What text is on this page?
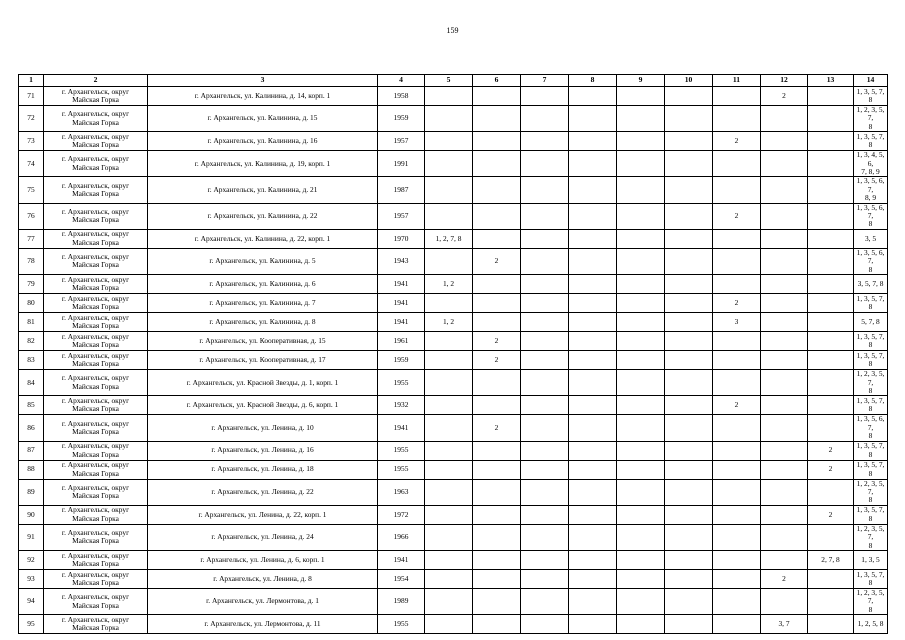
159
1	2	3	4	5	6	7	8	9	10	11	12	13	14
71	г. Архангельск, округ
Майская Горка	г. Архангельск, ул. Калинина, д. 14, корп. 1	1958								2		1, 3, 5, 7, 8

72	г. Архангельск, округ
Майская Горка	г. Архангельск, ул. Калинина, д. 15	1959										1, 2, 3, 5, 7,
8

73	г. Архангельск, округ
Майская Горка	г. Архангельск, ул. Калинина, д. 16	1957							2			1, 3, 5, 7, 8

74	г. Архангельск, округ
Майская Горка	г. Архангельск, ул. Калинина, д. 19, корп. 1	1991										1, 3, 4, 5, 6,
7, 8, 9

75	г. Архангельск, округ
Майская Горка	г. Архангельск, ул. Калинина, д. 21	1987										1, 3, 5, 6, 7,
8, 9

76	г. Архангельск, округ
Майская Горка	г. Архангельск, ул. Калинина, д. 22	1957							2			1, 3, 5, 6, 7,
8

77	г. Архангельск, округ
Майская Горка	г. Архангельск, ул. Калинина, д. 22, корп. 1	1970	1, 2, 7, 8									3, 5

78	г. Архангельск, округ
Майская Горка	г. Архангельск, ул. Калинина, д. 5	1943		2								1, 3, 5, 6, 7,
8

79	г. Архангельск, округ
Майская Горка	г. Архангельск, ул. Калинина, д. 6	1941	1, 2									3, 5, 7, 8

80	г. Архангельск, округ
Майская Горка	г. Архангельск, ул. Калинина, д. 7	1941							2			1, 3, 5, 7, 8

81	г. Архангельск, округ
Майская Горка	г. Архангельск, ул. Калинина, д. 8	1941	1, 2						3			5, 7, 8

82	г. Архангельск, округ
Майская Горка	г. Архангельск, ул. Кооперативная, д. 15	1961		2								1, 3, 5, 7, 8

83	г. Архангельск, округ
Майская Горка	г. Архангельск, ул. Кооперативная, д. 17	1959		2								1, 3, 5, 7, 8

84	г. Архангельск, округ
Майская Горка	г. Архангельск, ул. Красной Звезды, д. 1, корп. 1	1955										1, 2, 3, 5, 7,
8

85	г. Архангельск, округ
Майская Горка	г. Архангельск, ул. Красной Звезды, д. 6, корп. 1	1932							2			1, 3, 5, 7, 8

86	г. Архангельск, округ
Майская Горка	г. Архангельск, ул. Ленина, д. 10	1941		2								1, 3, 5, 6, 7,
8

87	г. Архангельск, округ
Майская Горка	г. Архангельск, ул. Ленина, д. 16	1955									2	1, 3, 5, 7, 8

88	г. Архангельск, округ
Майская Горка	г. Архангельск, ул. Ленина, д. 18	1955									2	1, 3, 5, 7, 8

89	г. Архангельск, округ
Майская Горка	г. Архангельск, ул. Ленина, д. 22	1963										1, 2, 3, 5, 7,
8

90	г. Архангельск, округ
Майская Горка	г. Архангельск, ул. Ленина, д. 22, корп. 1	1972									2	1, 3, 5, 7, 8

91	г. Архангельск, округ
Майская Горка	г. Архангельск, ул. Ленина, д. 24	1966										1, 2, 3, 5, 7,
8

92	г. Архангельск, округ
Майская Горка	г. Архангельск, ул. Ленина, д. 6, корп. 1	1941									2, 7, 8	1, 3, 5

93	г. Архангельск, округ
Майская Горка	г. Архангельск, ул. Ленина, д. 8	1954								2		1, 3, 5, 7, 8

94	г. Архангельск, округ
Майская Горка	г. Архангельск, ул. Лермонтова, д. 1	1989										1, 2, 3, 5, 7,
8

95	г. Архангельск, округ
Майская Горка	г. Архангельск, ул. Лермонтова, д. 11	1955								3, 7		1, 2, 5, 8
